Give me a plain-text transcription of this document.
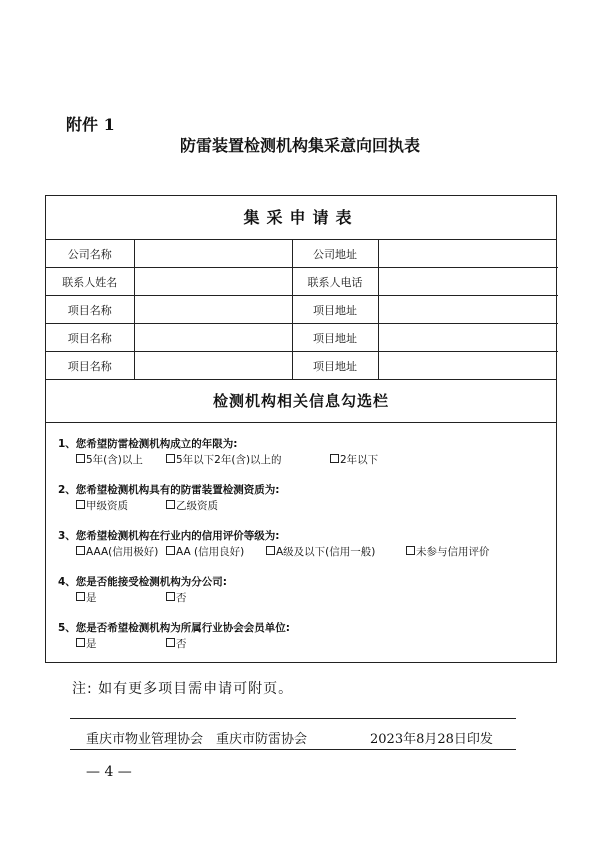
附件 1
防雷装置检测机构集采意向回执表
集采申请表
公司名称		公司地址	
联系人姓名		联系人电话	
项目名称		项目地址	
项目名称		项目地址	
项目名称		项目地址	
检测机构相关信息勾选栏
1、您希望防雷检测机构成立的年限为:
5年(含)以上	5年以下2年(含)以上的	2年以下
2、您希望检测机构具有的防雷装置检测资质为:
甲级资质	乙级资质
3、您希望检测机构在行业内的信用评价等级为:
AAA(信用极好)	AA (信用良好)	A级及以下(信用一般)	未参与信用评价
4、您是否能接受检测机构为分公司:
是	否
5、您是否希望检测机构为所属行业协会会员单位:
是	否
注: 如有更多项目需申请可附页。
重庆市物业管理协会　重庆市防雷协会	2023年8月28日印发
— 4 —
